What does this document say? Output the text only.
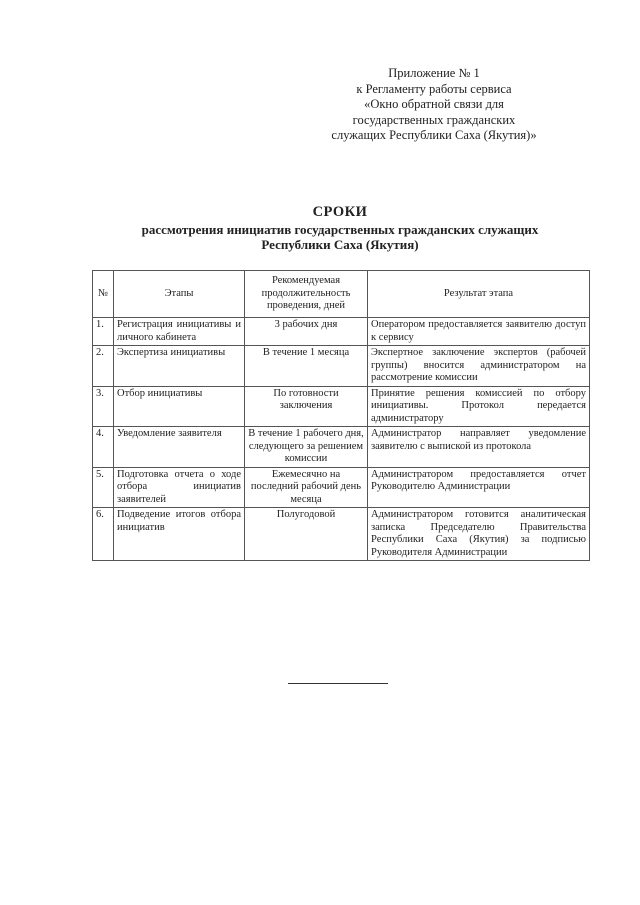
Приложение № 1
к Регламенту работы сервиса
«Окно обратной связи для
государственных гражданских
служащих Республики Саха (Якутия)»
СРОКИ
рассмотрения инициатив государственных гражданских служащих
Республики Саха (Якутия)
№	Этапы	Рекомендуемая продолжительность проведения, дней	Результат этапа
1.	Регистрация инициативы и личного кабинета	3 рабочих дня	Оператором предоставляется заявителю доступ к сервису
2.	Экспертиза инициативы	В течение 1 месяца	Экспертное заключение экспертов (рабочей группы) вносится администратором на рассмотрение комиссии
3.	Отбор инициативы	По готовности заключения	Принятие решения комиссией по отбору инициативы. Протокол передается администратору
4.	Уведомление заявителя	В течение 1 рабочего дня, следующего за решением комиссии	Администратор направляет уведомление заявителю с выпиской из протокола
5.	Подготовка отчета о ходе отбора инициатив заявителей	Ежемесячно на последний рабочий день месяца	Администратором предоставляется отчет Руководителю Администрации
6.	Подведение итогов отбора инициатив	Полугодовой	Администратором готовится аналитическая записка Председателю Правительства Республики Саха (Якутия) за подписью Руководителя Администрации
